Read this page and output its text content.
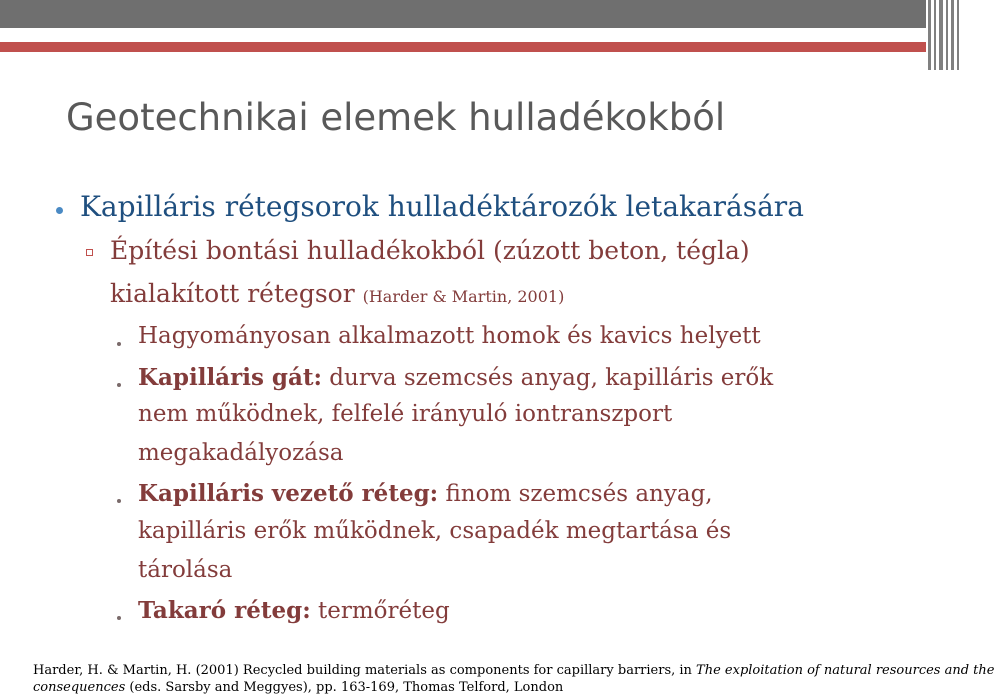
Geotechnikai elemek hulladékokból
Kapilláris rétegsorok hulladéktározók letakarására
Építési bontási hulladékokból (zúzott beton, tégla)
kialakított rétegsor (Harder & Martin, 2001)
Hagyományosan alkalmazott homok és kavics helyett
Kapilláris gát: durva szemcsés anyag, kapilláris erők
nem működnek, felfelé irányuló iontranszport
megakadályozása
Kapilláris vezető réteg: finom szemcsés anyag,
kapilláris erők működnek, csapadék megtartása és
tárolása
Takaró réteg: termőréteg
Harder, H. & Martin, H. (2001) Recycled building materials as components for capillary barriers, in The exploitation of natural resources and the
consequences (eds. Sarsby and Meggyes), pp. 163-169, Thomas Telford, London
